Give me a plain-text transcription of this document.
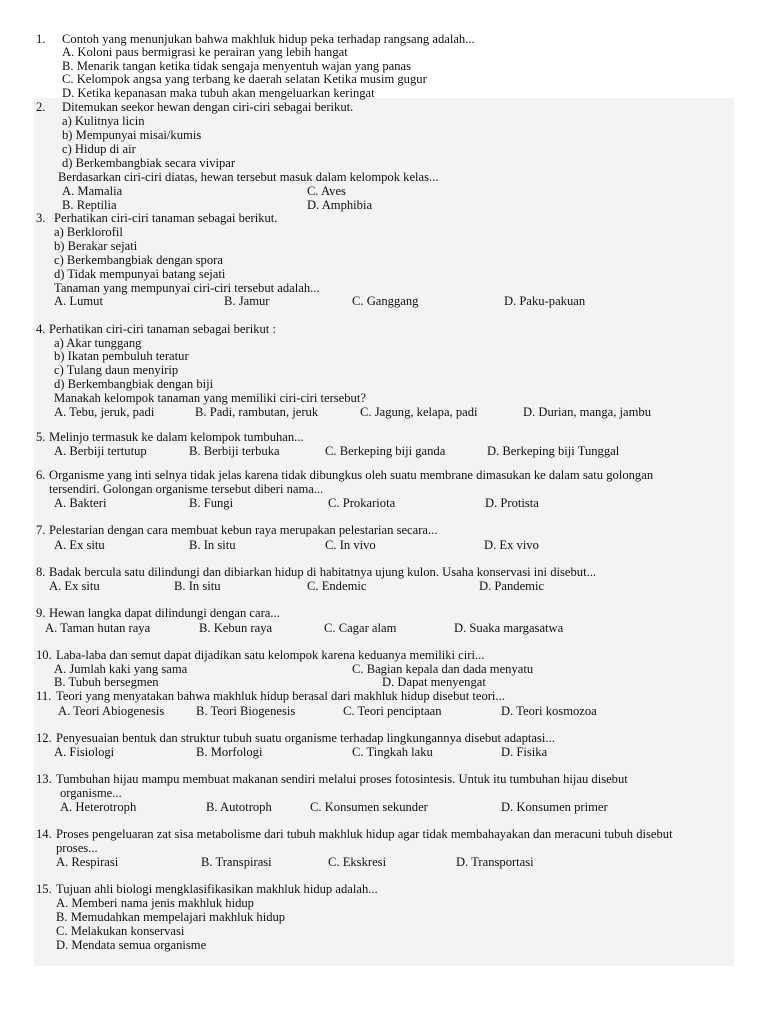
1. Contoh yang menunjukan bahwa makhluk hidup peka terhadap rangsang adalah...
A. Koloni paus bermigrasi ke perairan yang lebih hangat
B. Menarik tangan ketika tidak sengaja menyentuh wajan yang panas
C. Kelompok angsa yang terbang ke daerah selatan Ketika musim gugur
D. Ketika kepanasan maka tubuh akan mengeluarkan keringat
2. Ditemukan seekor hewan dengan ciri-ciri sebagai berikut.
a) Kulitnya licin
b) Mempunyai misai/kumis
c) Hidup di air
d) Berkembangbiak secara vivipar
Berdasarkan ciri-ciri diatas, hewan tersebut masuk dalam kelompok kelas...
A. Mamalia	C. Aves
B. Reptilia	D. Amphibia
3. Perhatikan ciri-ciri tanaman sebagai berikut.
a) Berklorofil
b) Berakar sejati
c) Berkembangbiak dengan spora
d) Tidak mempunyai batang sejati
Tanaman yang mempunyai ciri-ciri tersebut adalah...
A. Lumut	B. Jamur	C. Ganggang	D. Paku-pakuan
4. Perhatikan ciri-ciri tanaman sebagai berikut :
a) Akar tunggang
b) Ikatan pembuluh teratur
c) Tulang daun menyirip
d) Berkembangbiak dengan biji
Manakah kelompok tanaman yang memiliki ciri-ciri tersebut?
A. Tebu, jeruk, padi	B. Padi, rambutan, jeruk	C. Jagung, kelapa, padi	D. Durian, manga, jambu
5. Melinjo termasuk ke dalam kelompok tumbuhan...
A. Berbiji tertutup	B. Berbiji terbuka	C. Berkeping biji ganda	D. Berkeping biji Tunggal
6. Organisme yang inti selnya tidak jelas karena tidak dibungkus oleh suatu membrane dimasukan ke dalam satu golongan
tersendiri. Golongan organisme tersebut diberi nama...
A. Bakteri	B. Fungi	C. Prokariota	D. Protista
7. Pelestarian dengan cara membuat kebun raya merupakan pelestarian secara...
A. Ex situ	B. In situ	C. In vivo	D. Ex vivo
8. Badak bercula satu dilindungi dan dibiarkan hidup di habitatnya ujung kulon. Usaha konservasi ini disebut...
A. Ex situ	B. In situ	C. Endemic	D. Pandemic
9. Hewan langka dapat dilindungi dengan cara...
A. Taman hutan raya	B. Kebun raya	C. Cagar alam	D. Suaka margasatwa
10. Laba-laba dan semut dapat dijadikan satu kelompok karena keduanya memiliki ciri...
A. Jumlah kaki yang sama	C. Bagian kepala dan dada menyatu
B. Tubuh bersegmen	D. Dapat menyengat
11. Teori yang menyatakan bahwa makhluk hidup berasal dari makhluk hidup disebut teori...
A. Teori Abiogenesis	B. Teori Biogenesis	C. Teori penciptaan	D. Teori kosmozoa
12. Penyesuaian bentuk dan struktur tubuh suatu organisme terhadap lingkungannya disebut adaptasi...
A. Fisiologi	B. Morfologi	C. Tingkah laku	D. Fisika
13. Tumbuhan hijau mampu membuat makanan sendiri melalui proses fotosintesis. Untuk itu tumbuhan hijau disebut
organisme...
A. Heterotroph	B. Autotroph	C. Konsumen sekunder	D. Konsumen primer
14. Proses pengeluaran zat sisa metabolisme dari tubuh makhluk hidup agar tidak membahayakan dan meracuni tubuh disebut
proses...
A. Respirasi	B. Transpirasi	C. Ekskresi	D. Transportasi
15. Tujuan ahli biologi mengklasifikasikan makhluk hidup adalah...
A. Memberi nama jenis makhluk hidup
B. Memudahkan mempelajari makhluk hidup
C. Melakukan konservasi
D. Mendata semua organisme
